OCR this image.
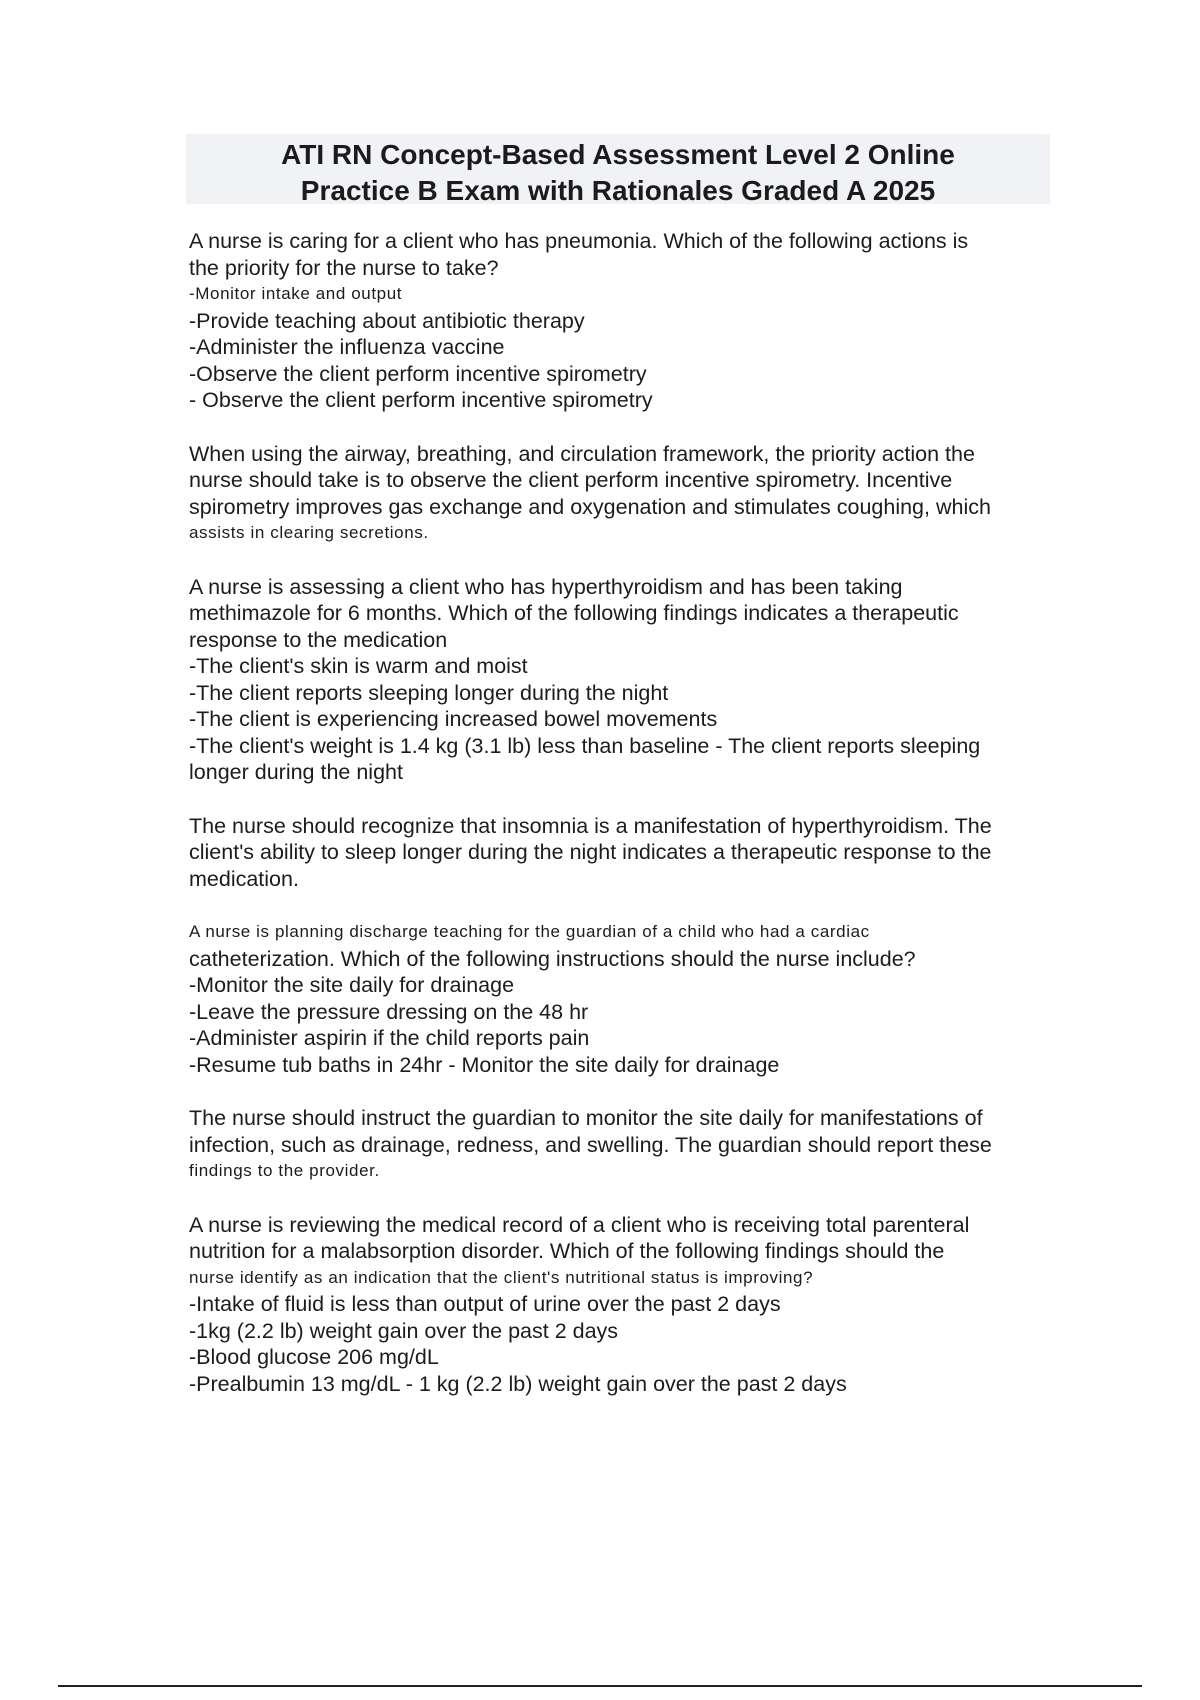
ATI RN Concept-Based Assessment Level 2 Online
Practice B Exam with Rationales Graded A 2025
A nurse is caring for a client who has pneumonia. Which of the following actions is
the priority for the nurse to take?
-Monitor intake and output
-Provide teaching about antibiotic therapy
-Administer the influenza vaccine
-Observe the client perform incentive spirometry
- Observe the client perform incentive spirometry
When using the airway, breathing, and circulation framework, the priority action the
nurse should take is to observe the client perform incentive spirometry. Incentive
spirometry improves gas exchange and oxygenation and stimulates coughing, which
assists in clearing secretions.
A nurse is assessing a client who has hyperthyroidism and has been taking
methimazole for 6 months. Which of the following findings indicates a therapeutic
response to the medication
-The client's skin is warm and moist
-The client reports sleeping longer during the night
-The client is experiencing increased bowel movements
-The client's weight is 1.4 kg (3.1 lb) less than baseline - The client reports sleeping
longer during the night
The nurse should recognize that insomnia is a manifestation of hyperthyroidism. The
client's ability to sleep longer during the night indicates a therapeutic response to the
medication.
A nurse is planning discharge teaching for the guardian of a child who had a cardiac
catheterization. Which of the following instructions should the nurse include?
-Monitor the site daily for drainage
-Leave the pressure dressing on the 48 hr
-Administer aspirin if the child reports pain
-Resume tub baths in 24hr - Monitor the site daily for drainage
The nurse should instruct the guardian to monitor the site daily for manifestations of
infection, such as drainage, redness, and swelling. The guardian should report these
findings to the provider.
A nurse is reviewing the medical record of a client who is receiving total parenteral
nutrition for a malabsorption disorder. Which of the following findings should the
nurse identify as an indication that the client's nutritional status is improving?
-Intake of fluid is less than output of urine over the past 2 days
-1kg (2.2 lb) weight gain over the past 2 days
-Blood glucose 206 mg/dL
-Prealbumin 13 mg/dL - 1 kg (2.2 lb) weight gain over the past 2 days
